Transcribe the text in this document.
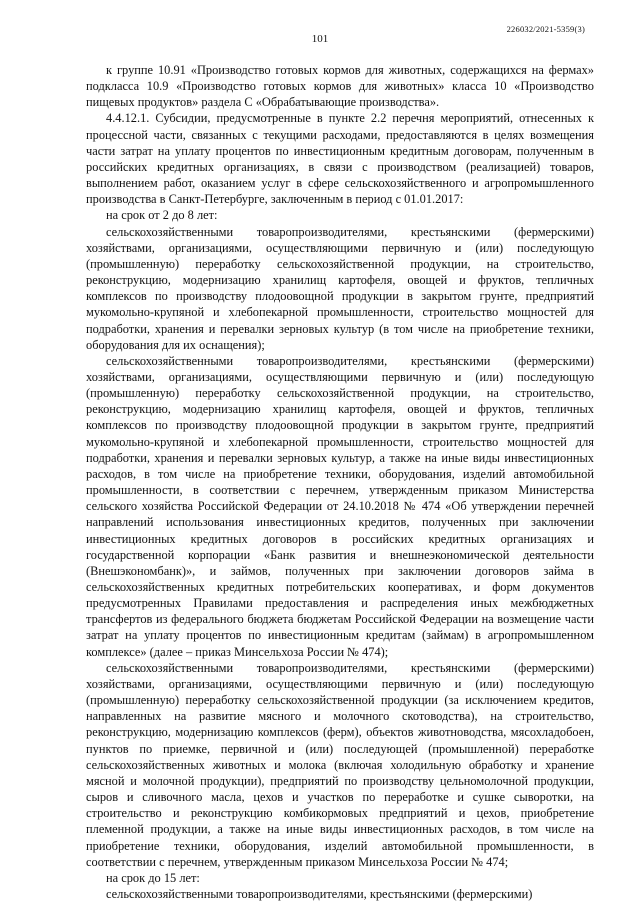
226032/2021-5359(3)
101

к группе 10.91 «Производство готовых кормов для животных, содержащихся на фермах» подкласса 10.9 «Производство готовых кормов для животных» класса 10 «Производство пищевых продуктов» раздела С «Обрабатывающие производства».

4.4.12.1. Субсидии, предусмотренные в пункте 2.2 перечня мероприятий, отнесенных к процессной части, связанных с текущими расходами, предоставляются в целях возмещения части затрат на уплату процентов по инвестиционным кредитным договорам, полученным в российских кредитных организациях, в связи с производством (реализацией) товаров, выполнением работ, оказанием услуг в сфере сельскохозяйственного и агропромышленного производства в Санкт-Петербурге, заключенным в период с 01.01.2017:

на срок от 2 до 8 лет:

сельскохозяйственными товаропроизводителями, крестьянскими (фермерскими) хозяйствами, организациями, осуществляющими первичную и (или) последующую (промышленную) переработку сельскохозяйственной продукции, на строительство, реконструкцию, модернизацию хранилищ картофеля, овощей и фруктов, тепличных комплексов по производству плодоовощной продукции в закрытом грунте, предприятий мукомольно-крупяной и хлебопекарной промышленности, строительство мощностей для подработки, хранения и перевалки зерновых культур (в том числе на приобретение техники, оборудования для их оснащения);

сельскохозяйственными товаропроизводителями, крестьянскими (фермерскими) хозяйствами, организациями, осуществляющими первичную и (или) последующую (промышленную) переработку сельскохозяйственной продукции, на строительство, реконструкцию, модернизацию хранилищ картофеля, овощей и фруктов, тепличных комплексов по производству плодоовощной продукции в закрытом грунте, предприятий мукомольно-крупяной и хлебопекарной промышленности, строительство мощностей для подработки, хранения и перевалки зерновых культур, а также на иные виды инвестиционных расходов, в том числе на приобретение техники, оборудования, изделий автомобильной промышленности, в соответствии с перечнем, утвержденным приказом Министерства сельского хозяйства Российской Федерации от 24.10.2018 № 474 «Об утверждении перечней направлений использования инвестиционных кредитов, полученных при заключении инвестиционных кредитных договоров в российских кредитных организациях и государственной корпорации «Банк развития и внешнеэкономической деятельности (Внешэкономбанк)», и займов, полученных при заключении договоров займа в сельскохозяйственных кредитных потребительских кооперативах, и форм документов предусмотренных Правилами предоставления и распределения иных межбюджетных трансфертов из федерального бюджета бюджетам Российской Федерации на возмещение части затрат на уплату процентов по инвестиционным кредитам (займам) в агропромышленном комплексе» (далее – приказ Минсельхоза России № 474);

сельскохозяйственными товаропроизводителями, крестьянскими (фермерскими) хозяйствами, организациями, осуществляющими первичную и (или) последующую (промышленную) переработку сельскохозяйственной продукции (за исключением кредитов, направленных на развитие мясного и молочного скотоводства), на строительство, реконструкцию, модернизацию комплексов (ферм), объектов животноводства, мясохладобоен, пунктов по приемке, первичной и (или) последующей (промышленной) переработке сельскохозяйственных животных и молока (включая холодильную обработку и хранение мясной и молочной продукции), предприятий по производству цельномолочной продукции, сыров и сливочного масла, цехов и участков по переработке и сушке сыворотки, на строительство и реконструкцию комбикормовых предприятий и цехов, приобретение племенной продукции, а также на иные виды инвестиционных расходов, в том числе на приобретение техники, оборудования, изделий автомобильной промышленности, в соответствии с перечнем, утвержденным приказом Минсельхоза России № 474;

на срок до 15 лет:

сельскохозяйственными товаропроизводителями, крестьянскими (фермерскими)
